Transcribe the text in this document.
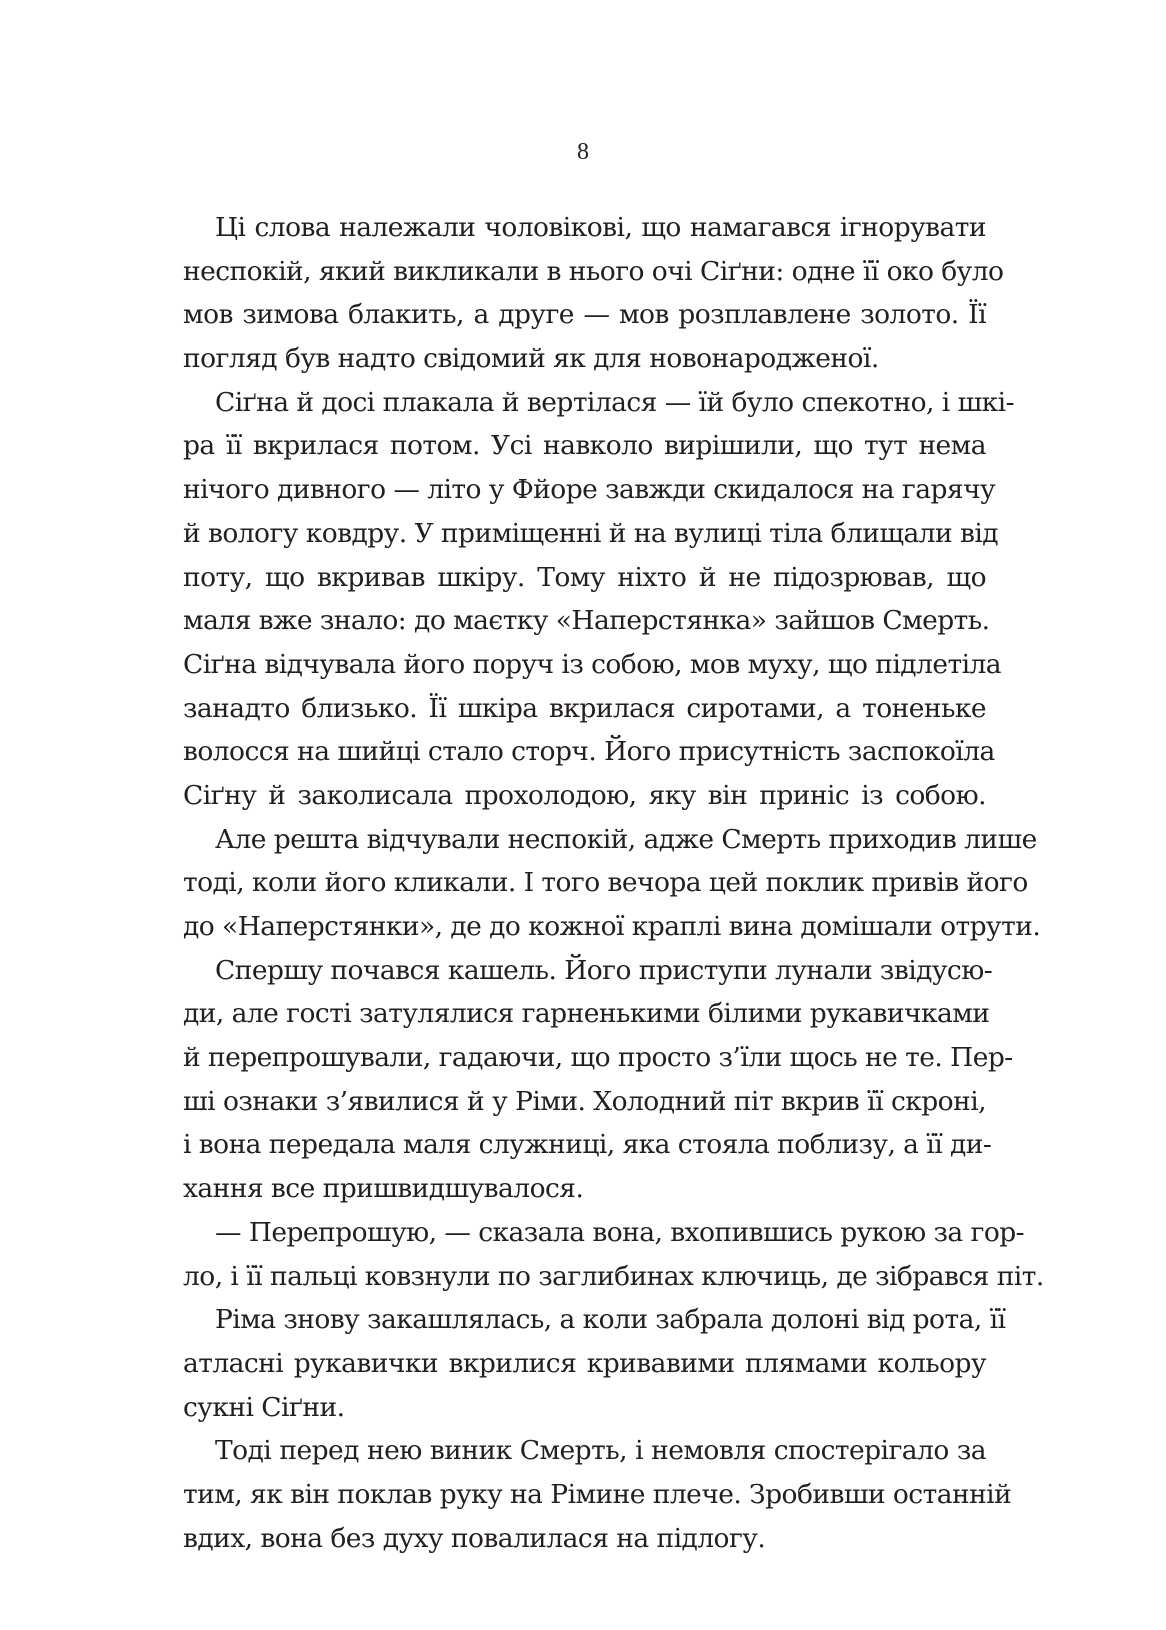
8
Ці слова належали чоловікові, що намагався ігнорувати
неспокій, який викликали в нього очі Сіґни: одне її око було
мов зимова блакить, а друге — мов розплавлене золото. Її
погляд був надто свідомий як для новонародженої.
Сіґна й досі плакала й вертілася — їй було спекотно, і шкі-
ра її вкрилася потом. Усі навколо вирішили, що тут нема
нічого дивного — літо у Фйоре завжди скидалося на гарячу
й вологу ковдру. У приміщенні й на вулиці тіла блищали від
поту, що вкривав шкіру. Тому ніхто й не підозрював, що
маля вже знало: до маєтку «Наперстянка» зайшов Смерть.
Сіґна відчувала його поруч із собою, мов муху, що підлетіла
занадто близько. Її шкіра вкрилася сиротами, а тоненьке
волосся на шийці стало сторч. Його присутність заспокоїла
Сіґну й заколисала прохолодою, яку він приніс із собою.
Але решта відчували неспокій, адже Смерть приходив лише
тоді, коли його кликали. І того вечора цей поклик привів його
до «Наперстянки», де до кожної краплі вина домішали отрути.
Спершу почався кашель. Його приступи лунали звідусю-
ди, але гості затулялися гарненькими білими рукавичками
й перепрошували, гадаючи, що просто з’їли щось не те. Пер-
ші ознаки з’явилися й у Ріми. Холодний піт вкрив її скроні,
і вона передала маля служниці, яка стояла поблизу, а її ди-
хання все пришвидшувалося.
— Перепрошую, — сказала вона, вхопившись рукою за гор-
ло, і її пальці ковзнули по заглибинах ключиць, де зібрався піт.
Ріма знову закашлялась, а коли забрала долоні від рота, її
атласні рукавички вкрилися кривавими плямами кольору
сукні Сіґни.
Тоді перед нею виник Смерть, і немовля спостерігало за
тим, як він поклав руку на Рімине плече. Зробивши останній
вдих, вона без духу повалилася на підлогу.
